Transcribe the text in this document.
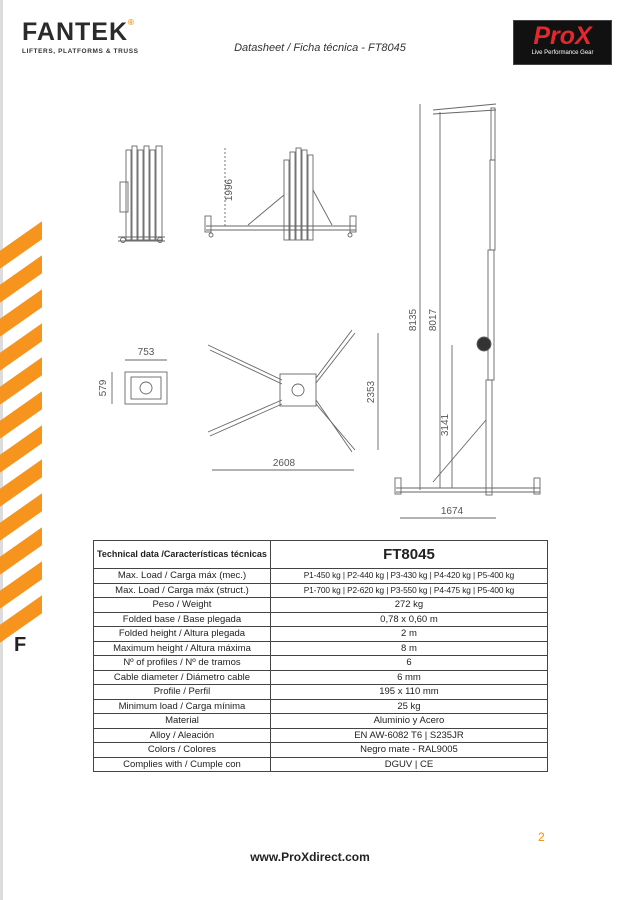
FANTEK®
LIFTERS, PLATFORMS & TRUSS	Datasheet / Ficha técnica - FT8045	ProX
Live Performance Gear
F
1996
753
579
2608
2353
8135 8017
3141
1674
Technical data /Características técnicas	FT8045
Max. Load / Carga máx (mec.)	P1-450 kg | P2-440 kg | P3-430 kg | P4-420 kg | P5-400 kg
Max. Load / Carga máx (struct.)	P1-700 kg | P2-620 kg | P3-550 kg | P4-475 kg | P5-400 kg
Peso / Weight	272 kg
Folded base / Base plegada	0,78 x 0,60 m
Folded height / Altura plegada	2 m
Maximum height / Altura máxima	8 m
Nº of profiles / Nº de tramos	6
Cable diameter / Diámetro cable	6 mm
Profile / Perfil	195 x 110 mm
Minimum load / Carga mínima	25 kg
Material	Aluminio y Acero
Alloy / Aleación	EN AW-6082 T6 | S235JR
Colors / Colores	Negro mate - RAL9005
Complies with / Cumple con	DGUV | CE
2
www.ProXdirect.com
